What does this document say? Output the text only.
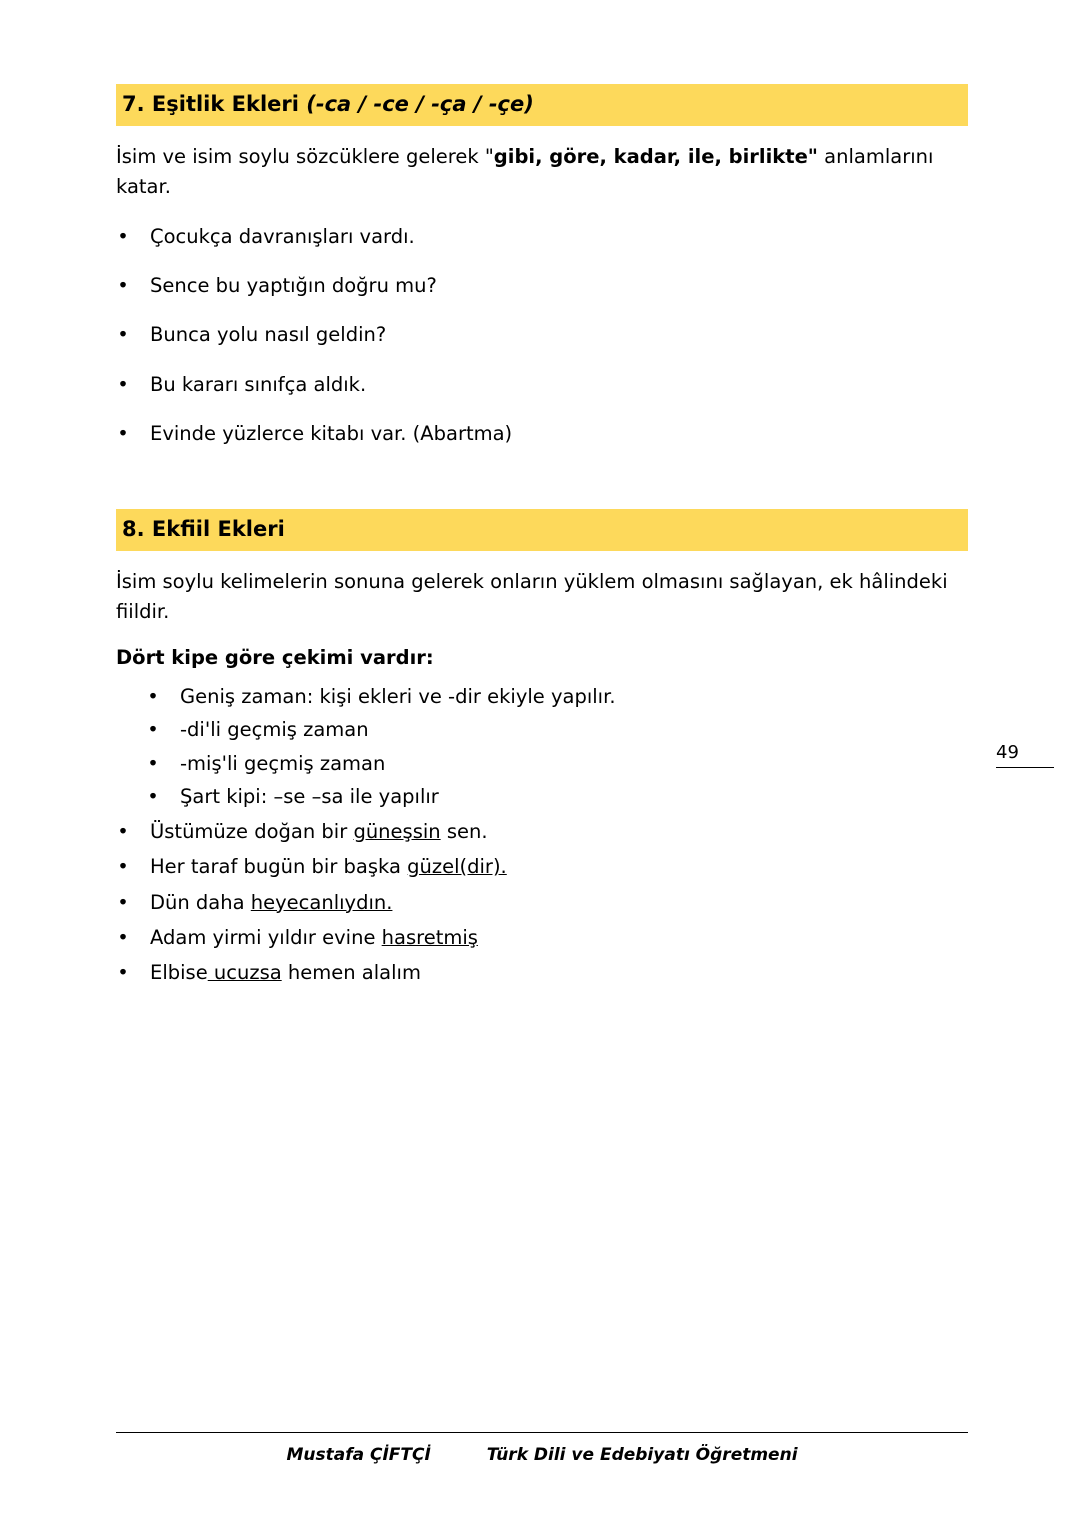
7. Eşitlik Ekleri (-ca / -ce / -ça / -çe)

İsim ve isim soylu sözcüklere gelerek "gibi, göre, kadar, ile, birlikte" anlamlarını katar.

• Çocukça davranışları vardı.
• Sence bu yaptığın doğru mu?
• Bunca yolu nasıl geldin?
• Bu kararı sınıfça aldık.
• Evinde yüzlerce kitabı var. (Abartma)
8. Ekfiil Ekleri

İsim soylu kelimelerin sonuna gelerek onların yüklem olmasını sağlayan, ek hâlindeki fiildir.

Dört kipe göre çekimi vardır:
• Geniş zaman: kişi ekleri ve -dir ekiyle yapılır.
• -di'li geçmiş zaman
• -miş'li geçmiş zaman
• Şart kipi: –se –sa ile yapılır
• Üstümüze doğan bir güneşsin sen.
• Her taraf bugün bir başka güzel(dir).
• Dün daha heyecanlıydın.
• Adam yirmi yıldır evine hasretmiş
• Elbise ucuzsa hemen alalım
49
Mustafa ÇİFTÇİ	Türk Dili ve Edebiyatı Öğretmeni
